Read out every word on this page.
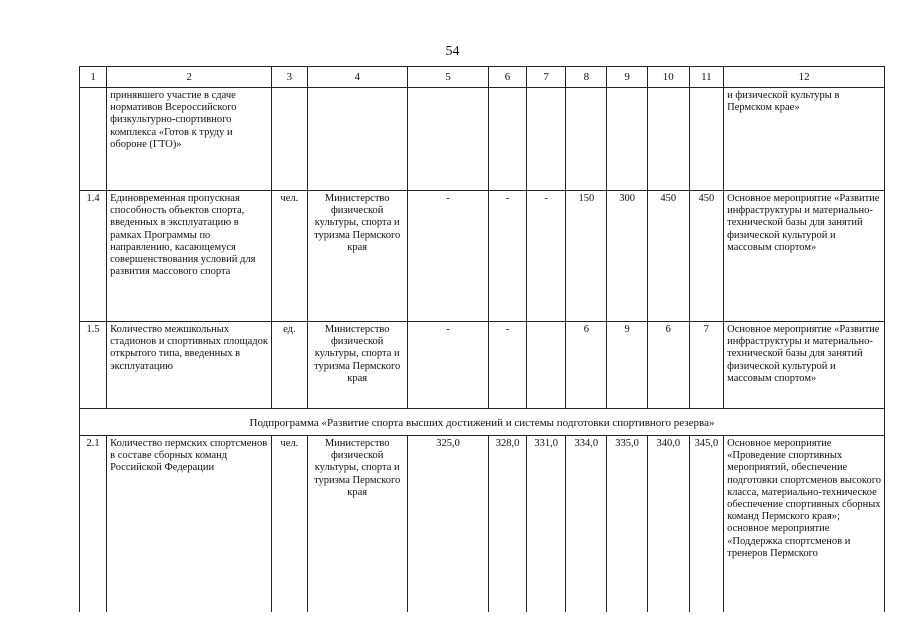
54
1	2	3	4	5	6	7	8	9	10	11	12
	принявшего участие в сдаче нормативов Всероссийского физкультурно-спортивного комплекса «Готов к труду и обороне (ГТО)»										и физической культуры в Пермском крае»
1.4	Единовременная пропускная способность объектов спорта, введенных в эксплуатацию в рамках Программы по направлению, касающемуся совершенствования условий для развития массового спорта	чел.	Министерство физической культуры, спорта и туризма Пермского края	-	-	-	150	300	450	450	Основное мероприятие «Развитие инфраструктуры и материально-технической базы для занятий физической культурой и массовым спортом»
1.5	Количество межшкольных стадионов и спортивных площадок открытого типа, введенных в эксплуатацию	ед.	Министерство физической культуры, спорта и туризма Пермского края	-	-		6	9	6	7	Основное мероприятие «Развитие инфраструктуры и материально-технической базы для занятий физической культурой и массовым спортом»
Подпрограмма «Развитие спорта высших достижений и системы подготовки спортивного резерва»											
2.1	Количество пермских спортсменов в составе сборных команд Российской Федерации	чел.	Министерство физической культуры, спорта и туризма Пермского края	325,0	328,0	331,0	334,0	335,0	340,0	345,0	Основное мероприятие «Проведение спортивных мероприятий, обеспечение подготовки спортсменов высокого класса, материально-техническое обеспечение спортивных сборных команд Пермского края»; основное мероприятие «Поддержка спортсменов и тренеров Пермского
